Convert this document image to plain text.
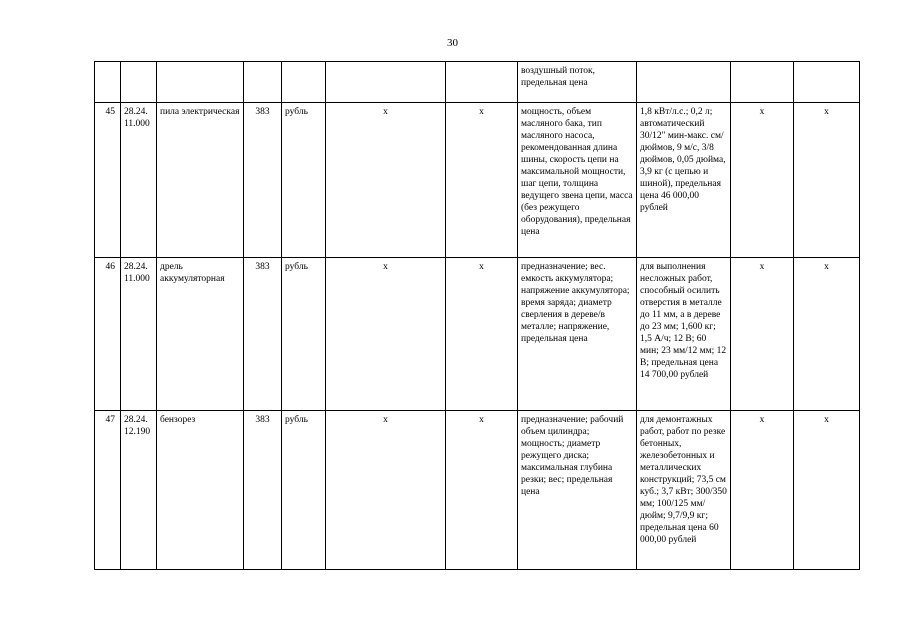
30
							воздушный поток, предельная цена			
45	28.24. 11.000	пила электрическая	383	рубль	x	x	мощность, объем масляного бака, тип масляного насоса, рекомендованная длина шины, скорость цепи на максимальной мощности, шаг цепи, толщина ведущего звена цепи, масса (без режущего оборудования), предельная цена	1,8 кВт/л.с.; 0,2 л; автоматический 30/12" мин-макс. см/дюймов, 9 м/с, 3/8 дюймов, 0,05 дюйма, 3,9 кг (с цепью и шиной), предельная цена 46 000,00 рублей	x	x
46	28.24. 11.000	дрель аккумуляторная	383	рубль	x	x	предназначение; вес. емкость аккумулятора; напряжение аккумулятора; время заряда; диаметр сверления в дереве/в металле; напряжение, предельная цена	для выполнения несложных работ, способный осилить отверстия в металле до 11 мм, а в дереве до 23 мм; 1,600 кг; 1,5 А/ч; 12 В; 60 мин; 23 мм/12 мм; 12 В; предельная цена 14 700,00 рублей	x	x
47	28.24. 12.190	бензорез	383	рубль	x	x	предназначение; рабочий объем цилиндра; мощность; диаметр режущего диска; максимальная глубина резки; вес; предельная цена	для демонтажных работ, работ по резке бетонных, железобетонных и металлических конструкций; 73,5 см куб.; 3,7 кВт; 300/350 мм; 100/125 мм/дюйм; 9,7/9,9 кг; предельная цена 60 000,00 рублей	x	x
